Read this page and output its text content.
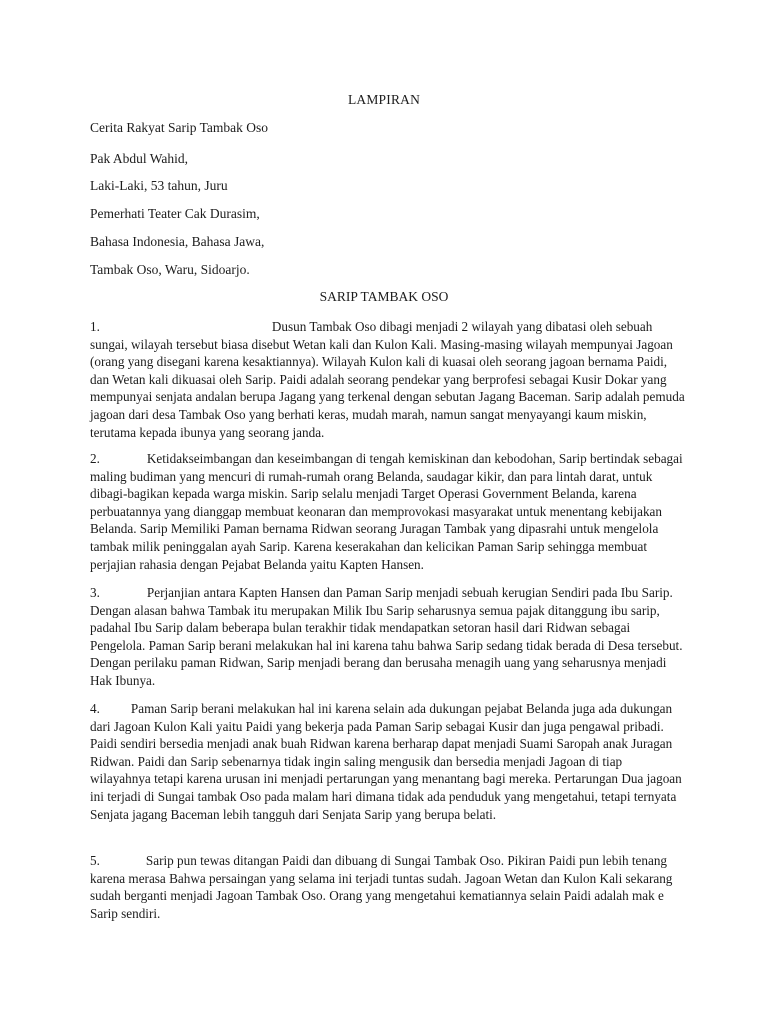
LAMPIRAN
Cerita Rakyat Sarip Tambak Oso
Pak Abdul Wahid,
Laki-Laki, 53 tahun, Juru
Pemerhati Teater Cak Durasim,
Bahasa Indonesia, Bahasa Jawa,
Tambak Oso, Waru, Sidoarjo.
SARIP TAMBAK OSO
1.	Dusun Tambak Oso dibagi menjadi 2 wilayah yang dibatasi oleh sebuah sungai, wilayah tersebut biasa disebut Wetan kali dan Kulon Kali. Masing-masing wilayah mempunyai Jagoan (orang yang disegani karena kesaktiannya). Wilayah Kulon kali di kuasai oleh seorang jagoan bernama Paidi, dan Wetan kali dikuasai oleh Sarip. Paidi adalah seorang pendekar yang berprofesi sebagai Kusir Dokar yang mempunyai senjata andalan berupa Jagang yang terkenal dengan sebutan Jagang Baceman. Sarip adalah pemuda jagoan dari desa Tambak Oso yang berhati keras, mudah marah, namun sangat menyayangi kaum miskin, terutama kepada ibunya yang seorang janda.
2.	Ketidakseimbangan dan keseimbangan di tengah kemiskinan dan kebodohan, Sarip bertindak sebagai maling budiman yang mencuri di rumah-rumah orang Belanda, saudagar kikir, dan para lintah darat, untuk dibagi-bagikan kepada warga miskin. Sarip selalu menjadi Target Operasi Government Belanda, karena perbuatannya yang dianggap membuat keonaran dan memprovokasi masyarakat untuk menentang kebijakan Belanda. Sarip Memiliki Paman bernama Ridwan seorang Juragan Tambak yang dipasrahi untuk mengelola tambak milik peninggalan ayah Sarip. Karena keserakahan dan kelicikan Paman Sarip sehingga membuat perjajian rahasia dengan Pejabat Belanda yaitu Kapten Hansen.
3.	Perjanjian antara Kapten Hansen dan Paman Sarip menjadi sebuah kerugian Sendiri pada Ibu Sarip. Dengan alasan bahwa Tambak itu merupakan Milik Ibu Sarip seharusnya semua pajak ditanggung ibu sarip, padahal Ibu Sarip dalam beberapa bulan terakhir tidak mendapatkan setoran hasil dari Ridwan sebagai Pengelola. Paman Sarip berani melakukan hal ini karena tahu bahwa Sarip sedang tidak berada di Desa tersebut. Dengan perilaku paman Ridwan, Sarip menjadi berang dan berusaha menagih uang yang seharusnya menjadi Hak Ibunya.
4. Paman Sarip berani melakukan hal ini karena selain ada dukungan pejabat Belanda juga ada dukungan dari Jagoan Kulon Kali yaitu Paidi yang bekerja pada Paman Sarip sebagai Kusir dan juga pengawal pribadi. Paidi sendiri bersedia menjadi anak buah Ridwan karena berharap dapat menjadi Suami Saropah anak Juragan Ridwan. Paidi dan Sarip sebenarnya tidak ingin saling mengusik dan bersedia menjadi Jagoan di tiap wilayahnya tetapi karena urusan ini menjadi pertarungan yang menantang bagi mereka. Pertarungan Dua jagoan ini terjadi di Sungai tambak Oso pada malam hari dimana tidak ada penduduk yang mengetahui, tetapi ternyata Senjata jagang Baceman lebih tangguh dari Senjata Sarip yang berupa belati.
5.	Sarip pun tewas ditangan Paidi dan dibuang di Sungai Tambak Oso. Pikiran Paidi pun lebih tenang karena merasa Bahwa persaingan yang selama ini terjadi tuntas sudah. Jagoan Wetan dan Kulon Kali sekarang sudah berganti menjadi Jagoan Tambak Oso. Orang yang mengetahui kematiannya selain Paidi adalah mak e Sarip sendiri.
